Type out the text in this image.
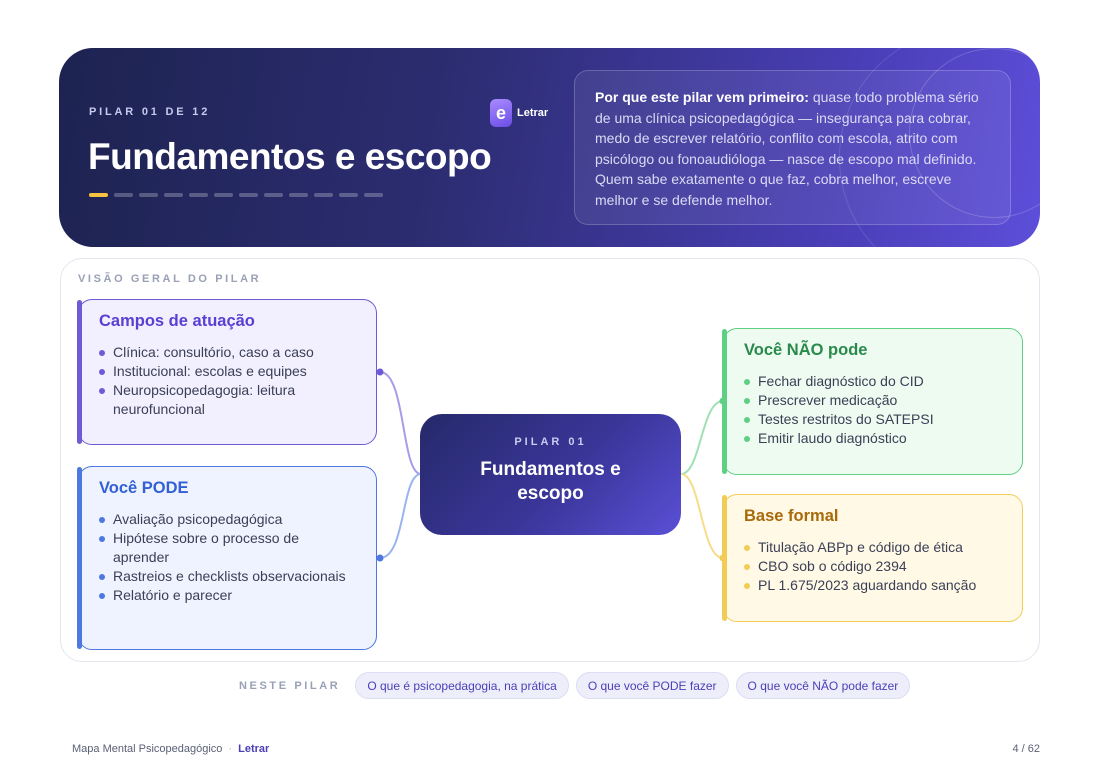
PILAR 01 DE 12
Fundamentos e escopo
e	Letrar
Por que este pilar vem primeiro: quase todo problema sério de uma clínica psicopedagógica — insegurança para cobrar, medo de escrever relatório, conflito com escola, atrito com psicólogo ou fonoaudióloga — nasce de escopo mal definido. Quem sabe exatamente o que faz, cobra melhor, escreve melhor e se defende melhor.
VISÃO GERAL DO PILAR
Campos de atuação
Clínica: consultório, caso a caso
Institucional: escolas e equipes
Neuropsicopedagogia: leitura neurofuncional
Você PODE
Avaliação psicopedagógica
Hipótese sobre o processo de aprender
Rastreios e checklists observacionais
Relatório e parecer
PILAR 01
Fundamentos e escopo
Você NÃO pode
Fechar diagnóstico do CID
Prescrever medicação
Testes restritos do SATEPSI
Emitir laudo diagnóstico
Base formal
Titulação ABPp e código de ética
CBO sob o código 2394
PL 1.675/2023 aguardando sanção
NESTE PILAR	O que é psicopedagogia, na prática	O que você PODE fazer	O que você NÃO pode fazer
Mapa Mental Psicopedagógico · Letrar	4 / 62
